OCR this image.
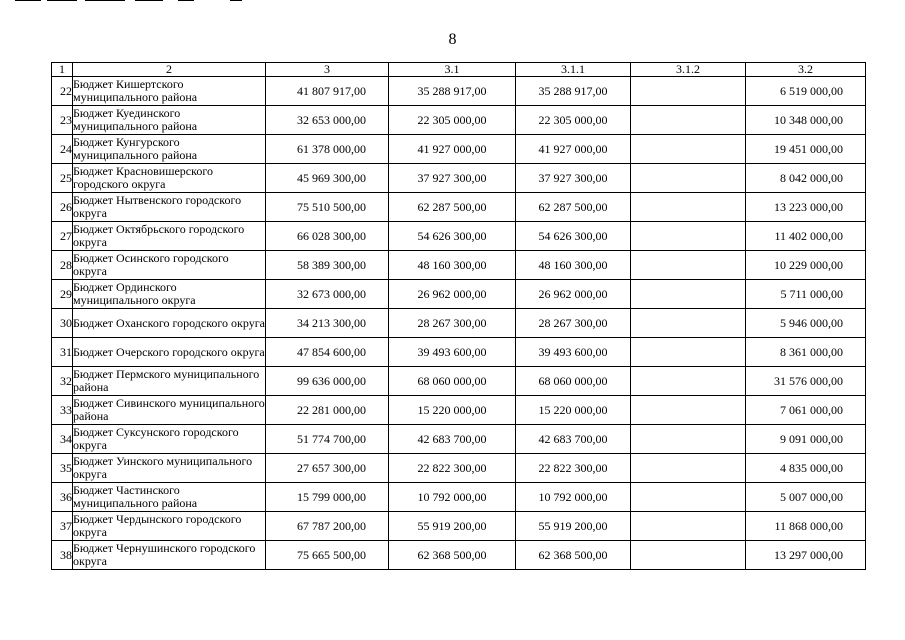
8
1	2	3	3.1	3.1.1	3.1.2	3.2
22	Бюджет Кишертского муниципального района	41 807 917,00	35 288 917,00	35 288 917,00		6 519 000,00
23	Бюджет Куединского муниципального района	32 653 000,00	22 305 000,00	22 305 000,00		10 348 000,00
24	Бюджет Кунгурского муниципального района	61 378 000,00	41 927 000,00	41 927 000,00		19 451 000,00
25	Бюджет Красновишерского городского округа	45 969 300,00	37 927 300,00	37 927 300,00		8 042 000,00
26	Бюджет Нытвенского городского округа	75 510 500,00	62 287 500,00	62 287 500,00		13 223 000,00
27	Бюджет Октябрьского городского округа	66 028 300,00	54 626 300,00	54 626 300,00		11 402 000,00
28	Бюджет Осинского городского округа	58 389 300,00	48 160 300,00	48 160 300,00		10 229 000,00
29	Бюджет Ординского муниципального округа	32 673 000,00	26 962 000,00	26 962 000,00		5 711 000,00
30	Бюджет Оханского городского округа	34 213 300,00	28 267 300,00	28 267 300,00		5 946 000,00
31	Бюджет Очерского городского округа	47 854 600,00	39 493 600,00	39 493 600,00		8 361 000,00
32	Бюджет Пермского муниципального района	99 636 000,00	68 060 000,00	68 060 000,00		31 576 000,00
33	Бюджет Сивинского муниципального района	22 281 000,00	15 220 000,00	15 220 000,00		7 061 000,00
34	Бюджет Суксунского городского округа	51 774 700,00	42 683 700,00	42 683 700,00		9 091 000,00
35	Бюджет Уинского муниципального округа	27 657 300,00	22 822 300,00	22 822 300,00		4 835 000,00
36	Бюджет Частинского муниципального района	15 799 000,00	10 792 000,00	10 792 000,00		5 007 000,00
37	Бюджет Чердынского городского округа	67 787 200,00	55 919 200,00	55 919 200,00		11 868 000,00
38	Бюджет Чернушинского городского округа	75 665 500,00	62 368 500,00	62 368 500,00		13 297 000,00
